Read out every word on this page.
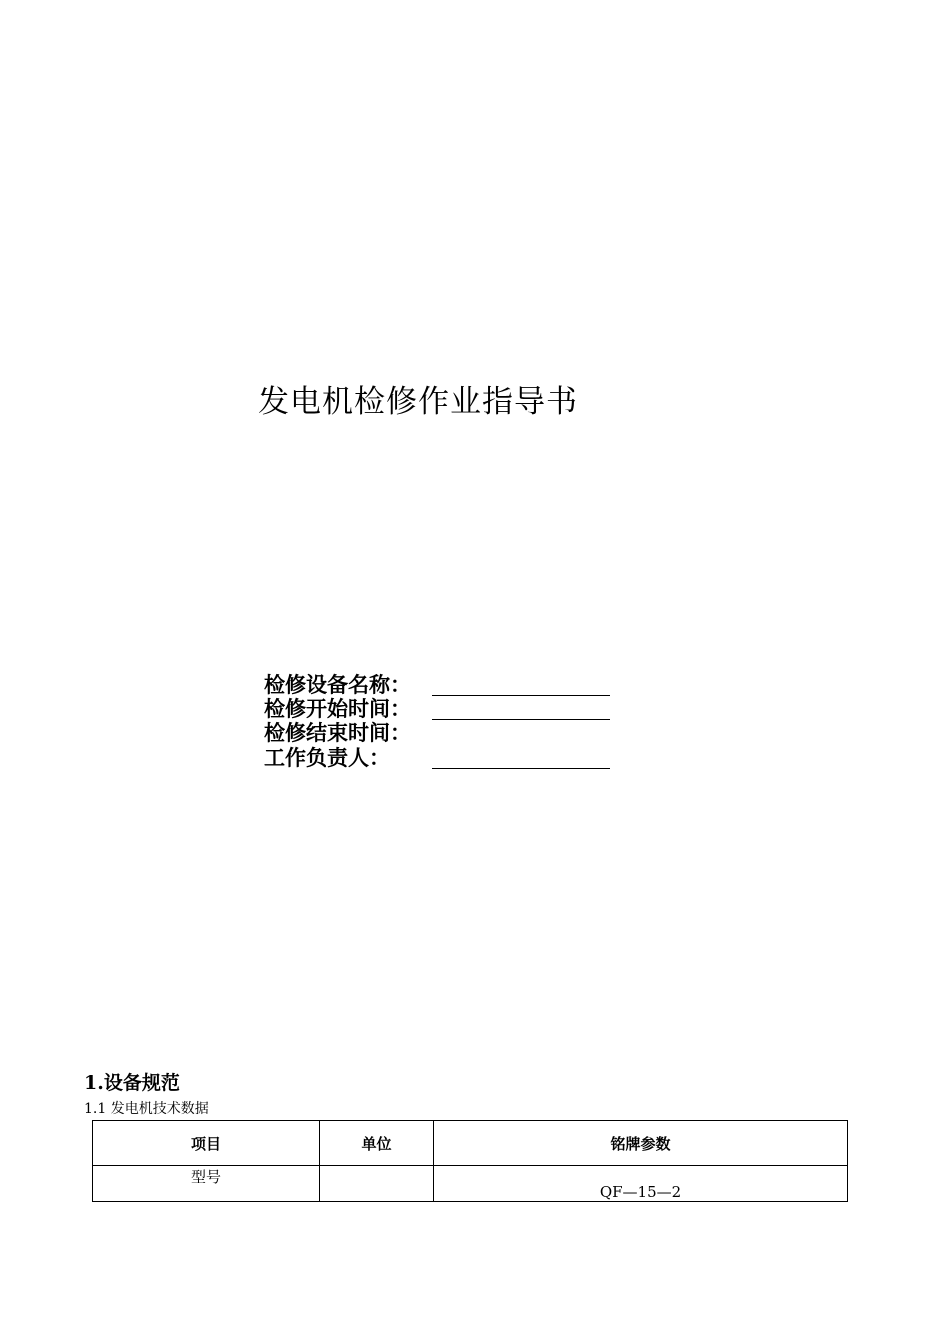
发电机检修作业指导书
检修设备名称：
检修开始时间：
检修结束时间：
工作负责人：
1.设备规范
1.1 发电机技术数据
项目	单位	铭牌参数
型号		QF—15—2
